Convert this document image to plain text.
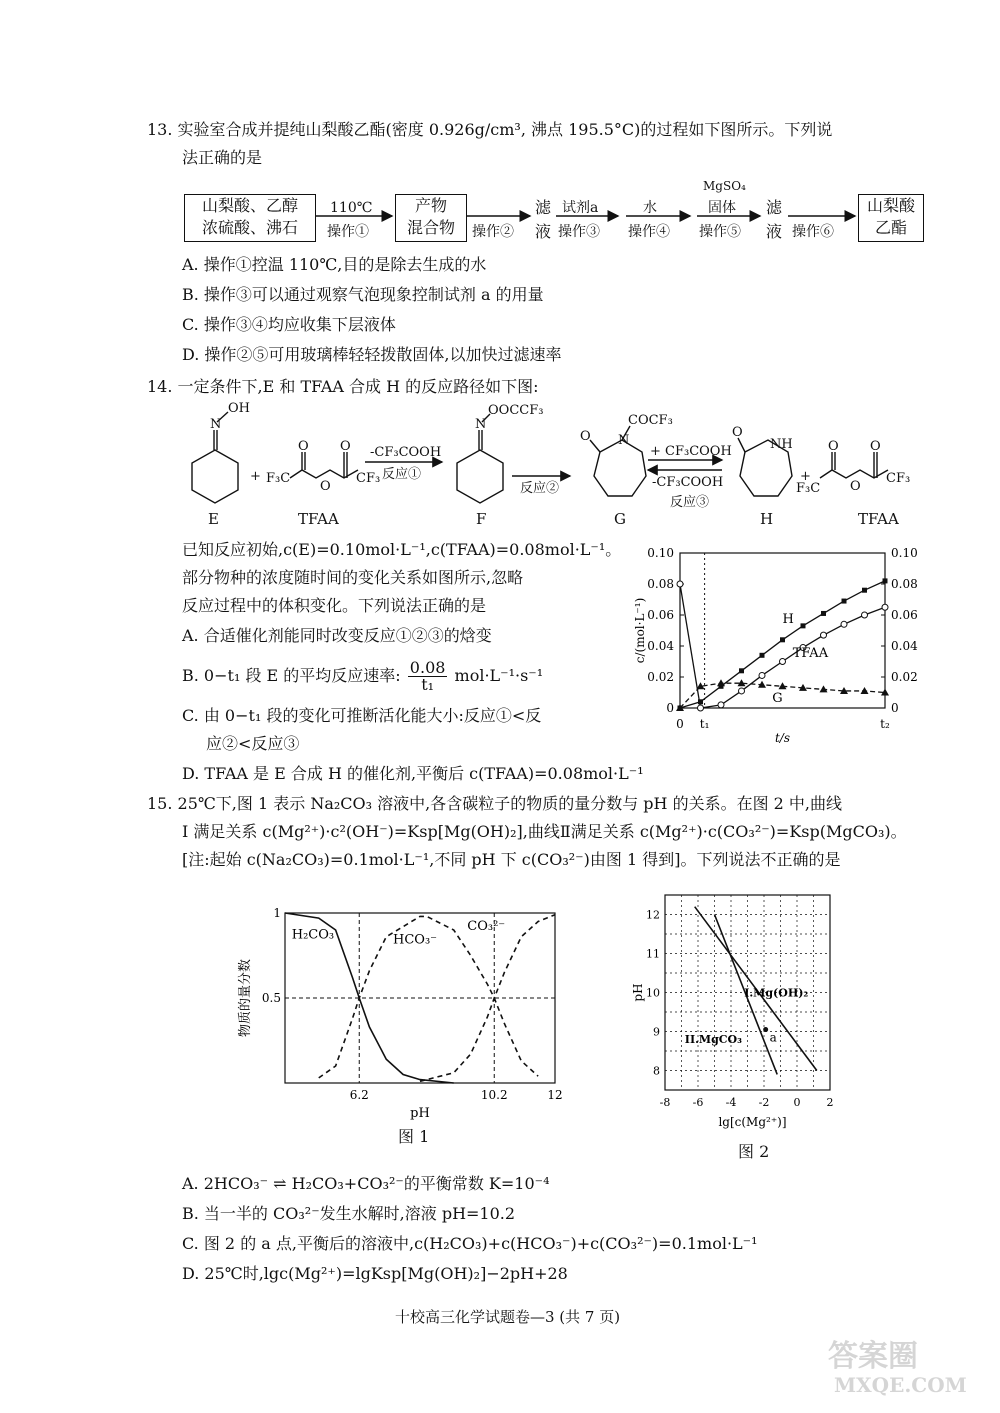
13. 实验室合成并提纯山梨酸乙酯(密度 0.926g/cm³, 沸点 195.5°C)的过程如下图所示。下列说
法正确的是
山梨酸、乙醇
浓硫酸、沸石
产物
混合物
山梨酸
乙酯
110℃
操作①	操作②
滤
液
试剂a
操作③
水
操作④
MgSO₄
固体
操作⑤
滤
液 操作⑥
A. 操作①控温 110℃,目的是除去生成的水
B. 操作③可以通过观察气泡现象控制试剂 a 的用量
C. 操作③④均应收集下层液体
D. 操作②⑤可用玻璃棒轻轻拨散固体,以加快过滤速率
14. 一定条件下,E 和 TFAA 合成 H 的反应路径如下图:
N
OH
+ F₃C
O
O
O
CF₃
-CF₃COOH
反应①
N
OOCCF₃
反应②
O N
COCF₃
+ CF₃COOH
-CF₃COOH
反应③
O
NH
+
F₃C
O
O
O
CF₃
E	TFAA	F	G	H	TFAA
已知反应初始,c(E)=0.10mol·L⁻¹,c(TFAA)=0.08mol·L⁻¹。
部分物种的浓度随时间的变化关系如图所示,忽略
反应过程中的体积变化。下列说法正确的是
A. 合适催化剂能同时改变反应①②③的焓变
B. 0−t₁ 段 E 的平均反应速率: $\frac{0.08}{\text{t₁}} mol\cdot L^{-1}\cdot s^{-1}$
C. 由 0−t₁ 段的变化可推断活化能大小:反应①<反
应②<反应③
D. TFAA 是 E 合成 H 的催化剂,平衡后 c(TFAA)=0.08mol·L⁻¹
0	0
0.02	0.02
0.04	0.04
0.06	0.06
0.08	0.08
0.10	0.10
0 t₁	t₂
t/s
c/(mol·L⁻¹)	H
TFAA
G
15. 25℃下,图 1 表示 Na₂CO₃ 溶液中,各含碳粒子的物质的量分数与 pH 的关系。在图 2 中,曲线
I 满足关系 c(Mg²⁺)·c²(OH⁻)=Ksp[Mg(OH)₂],曲线Ⅱ满足关系 c(Mg²⁺)·c(CO₃²⁻)=Ksp(MgCO₃)。
[注:起始 c(Na₂CO₃)=0.1mol·L⁻¹,不同 pH 下 c(CO₃²⁻)由图 1 得到]。下列说法不正确的是
6.2	10.2	12
0.5
1
pH
物质的量分数
H₂CO₃	HCO₃⁻
CO₃²⁻
图 1
-8 -6 -4 -2 0 2
8
9
10
11
12
lg[c(Mg²⁺)]
pH	I.Mg(OH)₂
II.MgCO₃ a
图 2
A. 2HCO₃⁻ ⇌ H₂CO₃+CO₃²⁻的平衡常数 K=10⁻⁴
B. 当一半的 CO₃²⁻发生水解时,溶液 pH=10.2
C. 图 2 的 a 点,平衡后的溶液中,c(H₂CO₃)+c(HCO₃⁻)+c(CO₃²⁻)=0.1mol·L⁻¹
D. 25℃时,lgc(Mg²⁺)=lgKsp[Mg(OH)₂]−2pH+28
十校高三化学试题卷—3 (共 7 页)
答案圈
MXQE.COM
